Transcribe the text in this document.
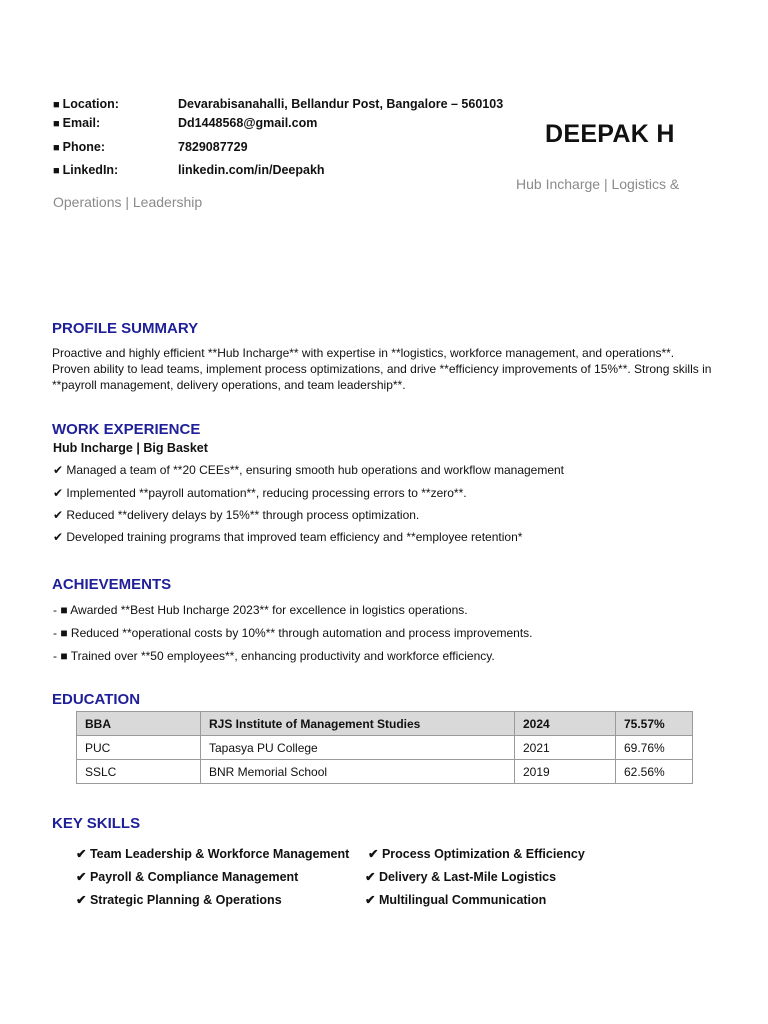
■ Location:	Devarabisanahalli, Bellandur Post, Bangalore – 560103
■ Email:	Dd1448568@gmail.com
■ Phone:	7829087729
■ LinkedIn:	linkedin.com/in/Deepakh
DEEPAK H
Hub Incharge | Logistics &
Operations | Leadership
PROFILE SUMMARY
Proactive and highly efficient **Hub Incharge** with expertise in **logistics, workforce management, and operations**. Proven ability to lead teams, implement process optimizations, and drive **efficiency improvements of 15%**. Strong skills in **payroll management, delivery operations, and team leadership**.
WORK EXPERIENCE
Hub Incharge | Big Basket
✔ Managed a team of **20 CEEs**, ensuring smooth hub operations and workflow management
✔ Implemented **payroll automation**, reducing processing errors to **zero**.
✔ Reduced **delivery delays by 15%** through process optimization.
✔ Developed training programs that improved team efficiency and **employee retention*
ACHIEVEMENTS
- ■ Awarded **Best Hub Incharge 2023** for excellence in logistics operations.
- ■ Reduced **operational costs by 10%** through automation and process improvements.
- ■ Trained over **50 employees**, enhancing productivity and workforce efficiency.
EDUCATION
BBA	RJS Institute of Management Studies	2024	75.57%
PUC	Tapasya PU College	2021	69.76%
SSLC	BNR Memorial School	2019	62.56%
KEY SKILLS
✔ Team Leadership & Workforce Management
✔ Payroll & Compliance Management
✔ Strategic Planning & Operations
✔ Process Optimization & Efficiency
✔ Delivery & Last-Mile Logistics
✔ Multilingual Communication
